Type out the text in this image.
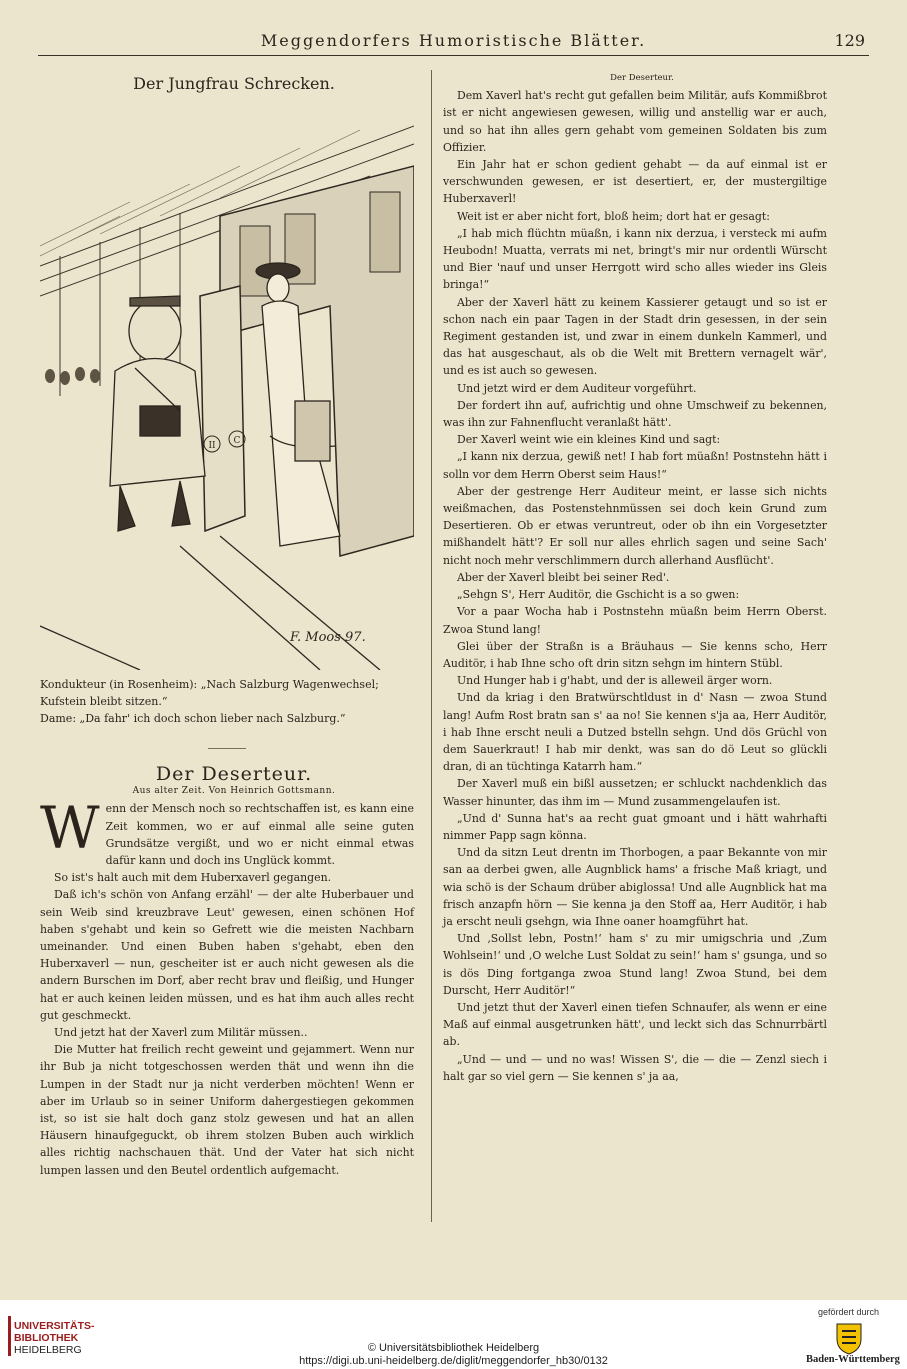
Meggendorfers Humoristische Blätter.	129

Der Jungfrau Schrecken.

II C
F. Moos 97.

Kondukteur (in Rosenheim): „Nach Salzburg Wagenwechsel; Kufstein bleibt sitzen.“

Dame: „Da fahr' ich doch schon lieber nach Salzburg.“

Der Deserteur.

Aus alter Zeit. Von Heinrich Gottsmann.

Wenn der Mensch noch so rechtschaffen ist, es kann eine Zeit kommen, wo er auf einmal alle seine guten Grundsätze vergißt, und wo er nicht einmal etwas dafür kann und doch ins Unglück kommt.

So ist's halt auch mit dem Huberxaverl gegangen.

Daß ich's schön von Anfang erzähl' — der alte Huberbauer und sein Weib sind kreuzbrave Leut' gewesen, einen schönen Hof haben s'gehabt und kein so Gefrett wie die meisten Nachbarn umeinander. Und einen Buben haben s'gehabt, eben den Huberxaverl — nun, gescheiter ist er auch nicht gewesen als die andern Burschen im Dorf, aber recht brav und fleißig, und Hunger hat er auch keinen leiden müssen, und es hat ihm auch alles recht gut geschmeckt.

Und jetzt hat der Xaverl zum Militär müssen..

Die Mutter hat freilich recht geweint und gejammert. Wenn nur ihr Bub ja nicht totgeschossen werden thät und wenn ihn die Lumpen in der Stadt nur ja nicht verderben möchten! Wenn er aber im Urlaub so in seiner Uniform dahergestiegen gekommen ist, so ist sie halt doch ganz stolz gewesen und hat an allen Häusern hinaufgeguckt, ob ihrem stolzen Buben auch wirklich alles richtig nachschauen thät. Und der Vater hat sich nicht lumpen lassen und den Beutel ordentlich aufgemacht.

Der Deserteur.

Dem Xaverl hat's recht gut gefallen beim Militär, aufs Kommißbrot ist er nicht angewiesen gewesen, willig und anstellig war er auch, und so hat ihn alles gern gehabt vom gemeinen Soldaten bis zum Offizier.

Ein Jahr hat er schon gedient gehabt — da auf einmal ist er verschwunden gewesen, er ist desertiert, er, der mustergiltige Huberxaverl!

Weit ist er aber nicht fort, bloß heim; dort hat er gesagt:

„I hab mich flüchtn müaßn, i kann nix derzua, i versteck mi aufm Heubodn! Muatta, verrats mi net, bringt's mir nur ordentli Würscht und Bier 'nauf und unser Herrgott wird scho alles wieder ins Gleis bringa!“

Aber der Xaverl hätt zu keinem Kassierer getaugt und so ist er schon nach ein paar Tagen in der Stadt drin gesessen, in der sein Regiment gestanden ist, und zwar in einem dunkeln Kammerl, und das hat ausgeschaut, als ob die Welt mit Brettern vernagelt wär', und es ist auch so gewesen.

Und jetzt wird er dem Auditeur vorgeführt.

Der fordert ihn auf, aufrichtig und ohne Umschweif zu bekennen, was ihn zur Fahnenflucht veranlaßt hätt'.

Der Xaverl weint wie ein kleines Kind und sagt:

„I kann nix derzua, gewiß net! I hab fort müaßn! Postnstehn hätt i solln vor dem Herrn Oberst seim Haus!“

Aber der gestrenge Herr Auditeur meint, er lasse sich nichts weißmachen, das Postenstehnmüssen sei doch kein Grund zum Desertieren. Ob er etwas veruntreut, oder ob ihn ein Vorgesetzter mißhandelt hätt'? Er soll nur alles ehrlich sagen und seine Sach' nicht noch mehr verschlimmern durch allerhand Ausflücht'.

Aber der Xaverl bleibt bei seiner Red'.

„Sehgn S', Herr Auditör, die Gschicht is a so gwen:

Vor a paar Wocha hab i Postnstehn müaßn beim Herrn Oberst. Zwoa Stund lang!

Glei über der Straßn is a Bräuhaus — Sie kenns scho, Herr Auditör, i hab Ihne scho oft drin sitzn sehgn im hintern Stübl.

Und Hunger hab i g'habt, und der is alleweil ärger worn.

Und da kriag i den Bratwürschtldust in d' Nasn — zwoa Stund lang! Aufm Rost bratn san s' aa no! Sie kennen s'ja aa, Herr Auditör, i hab Ihne erscht neuli a Dutzed bstelln sehgn. Und dös Grüchl von dem Sauerkraut! I hab mir denkt, was san do dö Leut so glückli dran, di an tüchtinga Katarrh ham.“

Der Xaverl muß ein bißl aussetzen; er schluckt nachdenklich das Wasser hinunter, das ihm im — Mund zusammengelaufen ist.

„Und d' Sunna hat's aa recht guat gmoant und i hätt wahrhafti nimmer Papp sagn könna.

Und da sitzn Leut drentn im Thorbogen, a paar Bekannte von mir san aa derbei gwen, alle Augnblick hams' a frische Maß kriagt, und wia schö is der Schaum drüber abiglossa! Und alle Augnblick hat ma frisch anzapfn hörn — Sie kenna ja den Stoff aa, Herr Auditör, i hab ja erscht neuli gsehgn, wia Ihne oaner hoamgführt hat.

Und ‚Sollst lebn, Postn!‘ ham s' zu mir umigschria und ‚Zum Wohlsein!‘ und ‚O welche Lust Soldat zu sein!‘ ham s' gsunga, und so is dös Ding fortganga zwoa Stund lang! Zwoa Stund, bei dem Durscht, Herr Auditör!“

Und jetzt thut der Xaverl einen tiefen Schnaufer, als wenn er eine Maß auf einmal ausgetrunken hätt', und leckt sich das Schnurrbärtl ab.

„Und — und — und no was! Wissen S', die — die — Zenzl siech i halt gar so viel gern — Sie kennen s' ja aa,

UNIVERSITÄTS-
BIBLIOTHEK
HEIDELBERG	© Universitätsbibliothek Heidelberg
https://digi.ub.uni-heidelberg.de/diglit/meggendorfer_hb30/0132
gefördert durch
Baden-Württemberg
